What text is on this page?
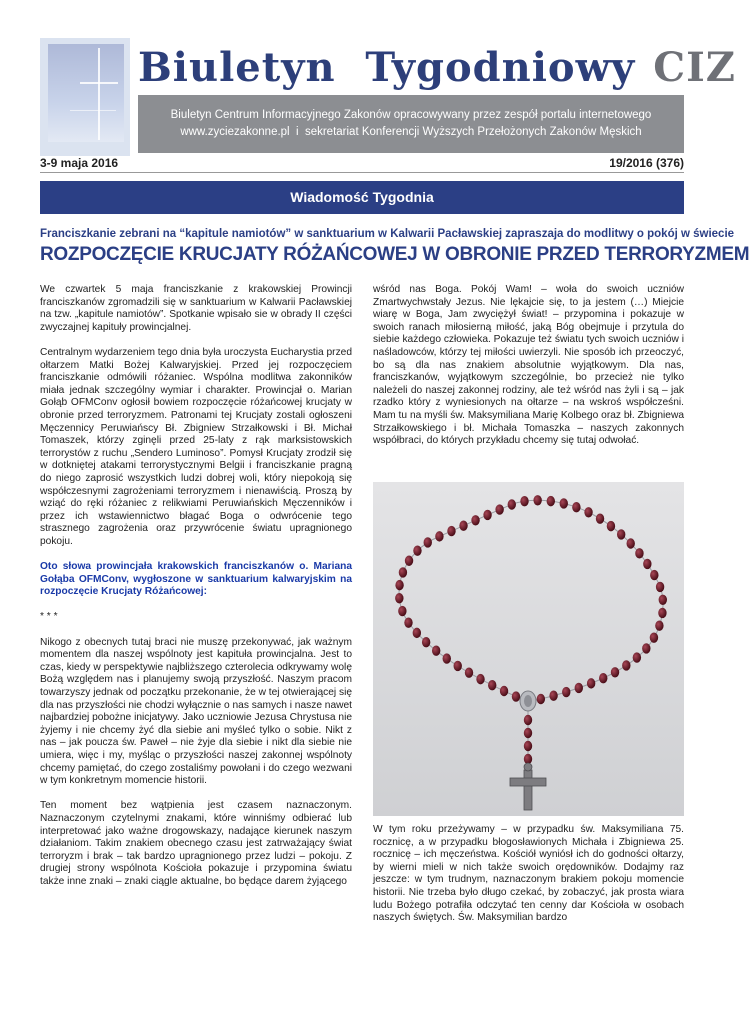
Biuletyn  Tygodniowy CIZ
Biuletyn Centrum Informacyjnego Zakonów opracowywany przez zespół portalu internetowego
www.zyciezakonne.pl  i  sekretariat Konferencji Wyższych Przełożonych Zakonów Męskich
3-9 maja 2016	19/2016 (376)
Wiadomość Tygodnia
Franciszkanie zebrani na “kapitule namiotów” w sanktuarium w Kalwarii Pacławskiej zapraszaja do modlitwy o pokój w świecie
ROZPOCZĘCIE KRUCJATY RÓŻAŃCOWEJ W OBRONIE PRZED TERRORYZMEM

We czwartek 5 maja franciszkanie z krakowskiej Prowincji franciszkanów zgromadzili się w sanktuarium w Kalwarii Pacławskiej na tzw. „kapitule namiotów”. Spotkanie wpisało sie w obrady II części zwyczajnej kapituły prowincjalnej.

Centralnym wydarzeniem tego dnia była uroczysta Eucharystia przed ołtarzem Matki Bożej Kalwaryjskiej. Przed jej rozpoczęciem franciszkanie odmówili różaniec. Wspólna modlitwa zakonników miała jednak szczególny wymiar i charakter. Prowincjał o. Marian Gołąb OFMConv ogłosił bowiem rozpoczęcie różańcowej krucjaty w obronie przed terroryzmem. Patronami tej Krucjaty zostali ogłoszeni Męczennicy Peruwiańscy Bł. Zbigniew Strzałkowski i Bł. Michał Tomaszek, którzy zginęli przed 25-laty z rąk marksistowskich terrorystów z ruchu „Sendero Luminoso”. Pomysł Krucjaty zrodził się w dotkniętej atakami terrorystycznymi Belgii i franciszkanie pragną do niego zaprosić wszystkich ludzi dobrej woli, który niepokoją się współczesnymi zagrożeniami terroryzmem i nienawiścią. Proszą by wziąć do ręki różaniec z relikwiami Peruwiańskich Męczenników i przez ich wstawiennictwo błagać Boga o odwrócenie tego strasznego zagrożenia oraz przywrócenie światu upragnionego pokoju.

Oto słowa prowincjała krakowskich franciszkanów o. Mariana Gołąba OFMConv, wygłoszone w sanktuarium kalwaryjskim na rozpoczęcie Krucjaty Różańcowej:

* * *

Nikogo z obecnych tutaj braci nie muszę przekonywać, jak ważnym momentem dla naszej wspólnoty jest kapituła prowincjalna. Jest to czas, kiedy w perspektywie najbliższego czterolecia odkrywamy wolę Bożą względem nas i planujemy swoją przyszłość. Naszym pracom towarzyszy jednak od początku przekonanie, że w tej otwierającej się dla nas przyszłości nie chodzi wyłącznie o nas samych i nasze nawet najbardziej pobożne inicjatywy. Jako uczniowie Jezusa Chrystusa nie żyjemy i nie chcemy żyć dla siebie ani myśleć tylko o sobie. Nikt z nas – jak poucza św. Paweł – nie żyje dla siebie i nikt dla siebie nie umiera, więc i my, myśląc o przyszłości naszej zakonnej wspólnoty chcemy pamiętać, do czego zostaliśmy powołani i do czego wezwani w tym konkretnym momencie historii.

Ten moment bez wątpienia jest czasem naznaczonym. Naznaczonym czytelnymi znakami, które winniśmy odbierać lub interpretować jako ważne drogowskazy, nadające kierunek naszym działaniom. Takim znakiem obecnego czasu jest zatrważający świat terroryzm i brak – tak bardzo upragnionego przez ludzi – pokoju. Z drugiej strony wspólnota Kościoła pokazuje i przypomina światu także inne znaki – znaki ciągle aktualne, bo będące darem żyjącego

wśród nas Boga. Pokój Wam! – woła do swoich uczniów Zmartwychwstały Jezus. Nie lękajcie się, to ja jestem (…) Miejcie wiarę w Boga, Jam zwyciężył świat! – przypomina i pokazuje w swoich ranach miłosierną miłość, jaką Bóg obejmuje i przytula do siebie każdego człowieka. Pokazuje też światu tych swoich uczniów i naśladowców, którzy tej miłości uwierzyli. Nie sposób ich przeoczyć, bo są dla nas znakiem absolutnie wyjątkowym. Dla nas, franciszkanów, wyjątkowym szczególnie, bo przecież nie tylko należeli do naszej zakonnej rodziny, ale też wśród nas żyli i są – jak rzadko który z wyniesionych na ołtarze – na wskroś współcześni. Mam tu na myśli św. Maksymiliana Marię Kolbego oraz bł. Zbigniewa Strzałkowskiego i bł. Michała Tomaszka – naszych zakonnych współbraci, do których przykładu chcemy się tutaj odwołać.

W tym roku przeżywamy – w przypadku św. Maksymiliana 75. rocznicę, a w przypadku błogosławionych Michała i Zbigniewa 25. rocznicę – ich męczeństwa. Kościół wyniósł ich do godności ołtarzy, by wierni mieli w nich także swoich orędowników. Dodajmy raz jeszcze: w tym trudnym, naznaczonym brakiem pokoju momencie historii. Nie trzeba było długo czekać, by zobaczyć, jak prosta wiara ludu Bożego potrafiła odczytać ten cenny dar Kościoła w osobach naszych świętych. Św. Maksymilian bardzo
